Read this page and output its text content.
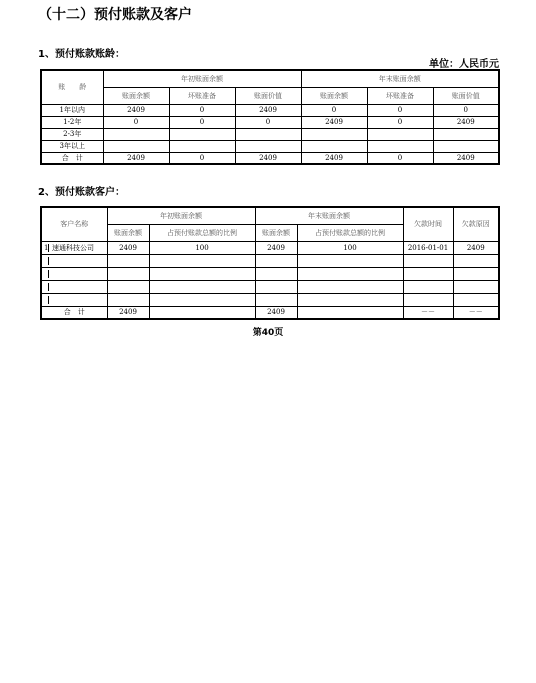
（十二）预付账款及客户
1、预付账款账龄：
单位：人民币元
账　　龄	年初账面余额			年末账面余额		
	账面余额	坏账准备	账面价值	账面余额	坏账准备	账面价值
1年以内	2409	0	2409	0	0	0
1-2年	0	0	0	2409	0	2409
2-3年						
3年以上						
合　计	2409	0	2409	2409	0	2409
2、预付账款客户：
客户名称	年初账面余额		年末账面余额		欠款时间	欠款原因
	账面余额	占预付账款总额的比例	账面余额	占预付账款总额的比例		
1 速通科技公司	2409	100	2409	100	2016-01-01	2409

合　计	2409		2409		－－	－－
第40页
